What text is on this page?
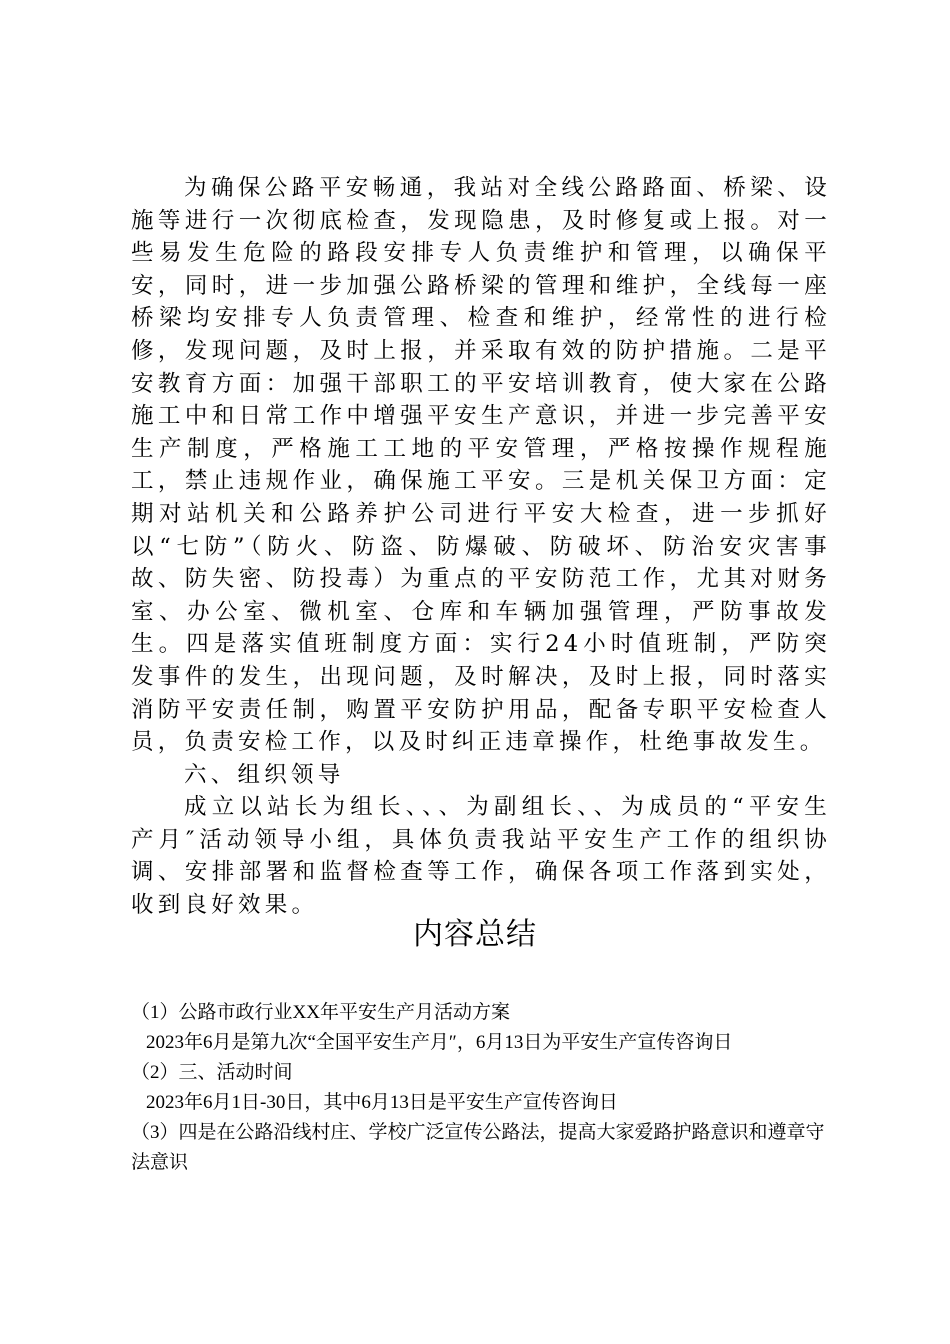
为确保公路平安畅通，我站对全线公路路面、桥梁、设施等进行一次彻底检查，发现隐患，及时修复或上报。对一些易发生危险的路段安排专人负责维护和管理，以确保平安，同时，进一步加强公路桥梁的管理和维护，全线每一座桥梁均安排专人负责管理、检查和维护，经常性的进行检修，发现问题，及时上报，并采取有效的防护措施。二是平安教育方面：加强干部职工的平安培训教育，使大家在公路施工中和日常工作中增强平安生产意识，并进一步完善平安生产制度，严格施工工地的平安管理，严格按操作规程施工，禁止违规作业，确保施工平安。三是机关保卫方面：定期对站机关和公路养护公司进行平安大检查，进一步抓好以“七防”（防火、防盗、防爆破、防破坏、防治安灾害事故、防失密、防投毒）为重点的平安防范工作，尤其对财务室、办公室、微机室、仓库和车辆加强管理，严防事故发生。四是落实值班制度方面：实行24小时值班制，严防突发事件的发生，出现问题，及时解决，及时上报，同时落实消防平安责任制，购置平安防护用品，配备专职平安检查人员，负责安检工作，以及时纠正违章操作，杜绝事故发生。

六、组织领导

成立以站长为组长、、、为副组长、、为成员的“平安生产月″活动领导小组，具体负责我站平安生产工作的组织协调、安排部署和监督检查等工作，确保各项工作落到实处，收到良好效果。

内容总结

（1）公路市政行业XX年平安生产月活动方案

2023年6月是第九次“全国平安生产月″，6月13日为平安生产宣传咨询日

（2）三、活动时间

2023年6月1日-30日，其中6月13日是平安生产宣传咨询日

（3）四是在公路沿线村庄、学校广泛宣传公路法，提高大家爱路护路意识和遵章守法意识
